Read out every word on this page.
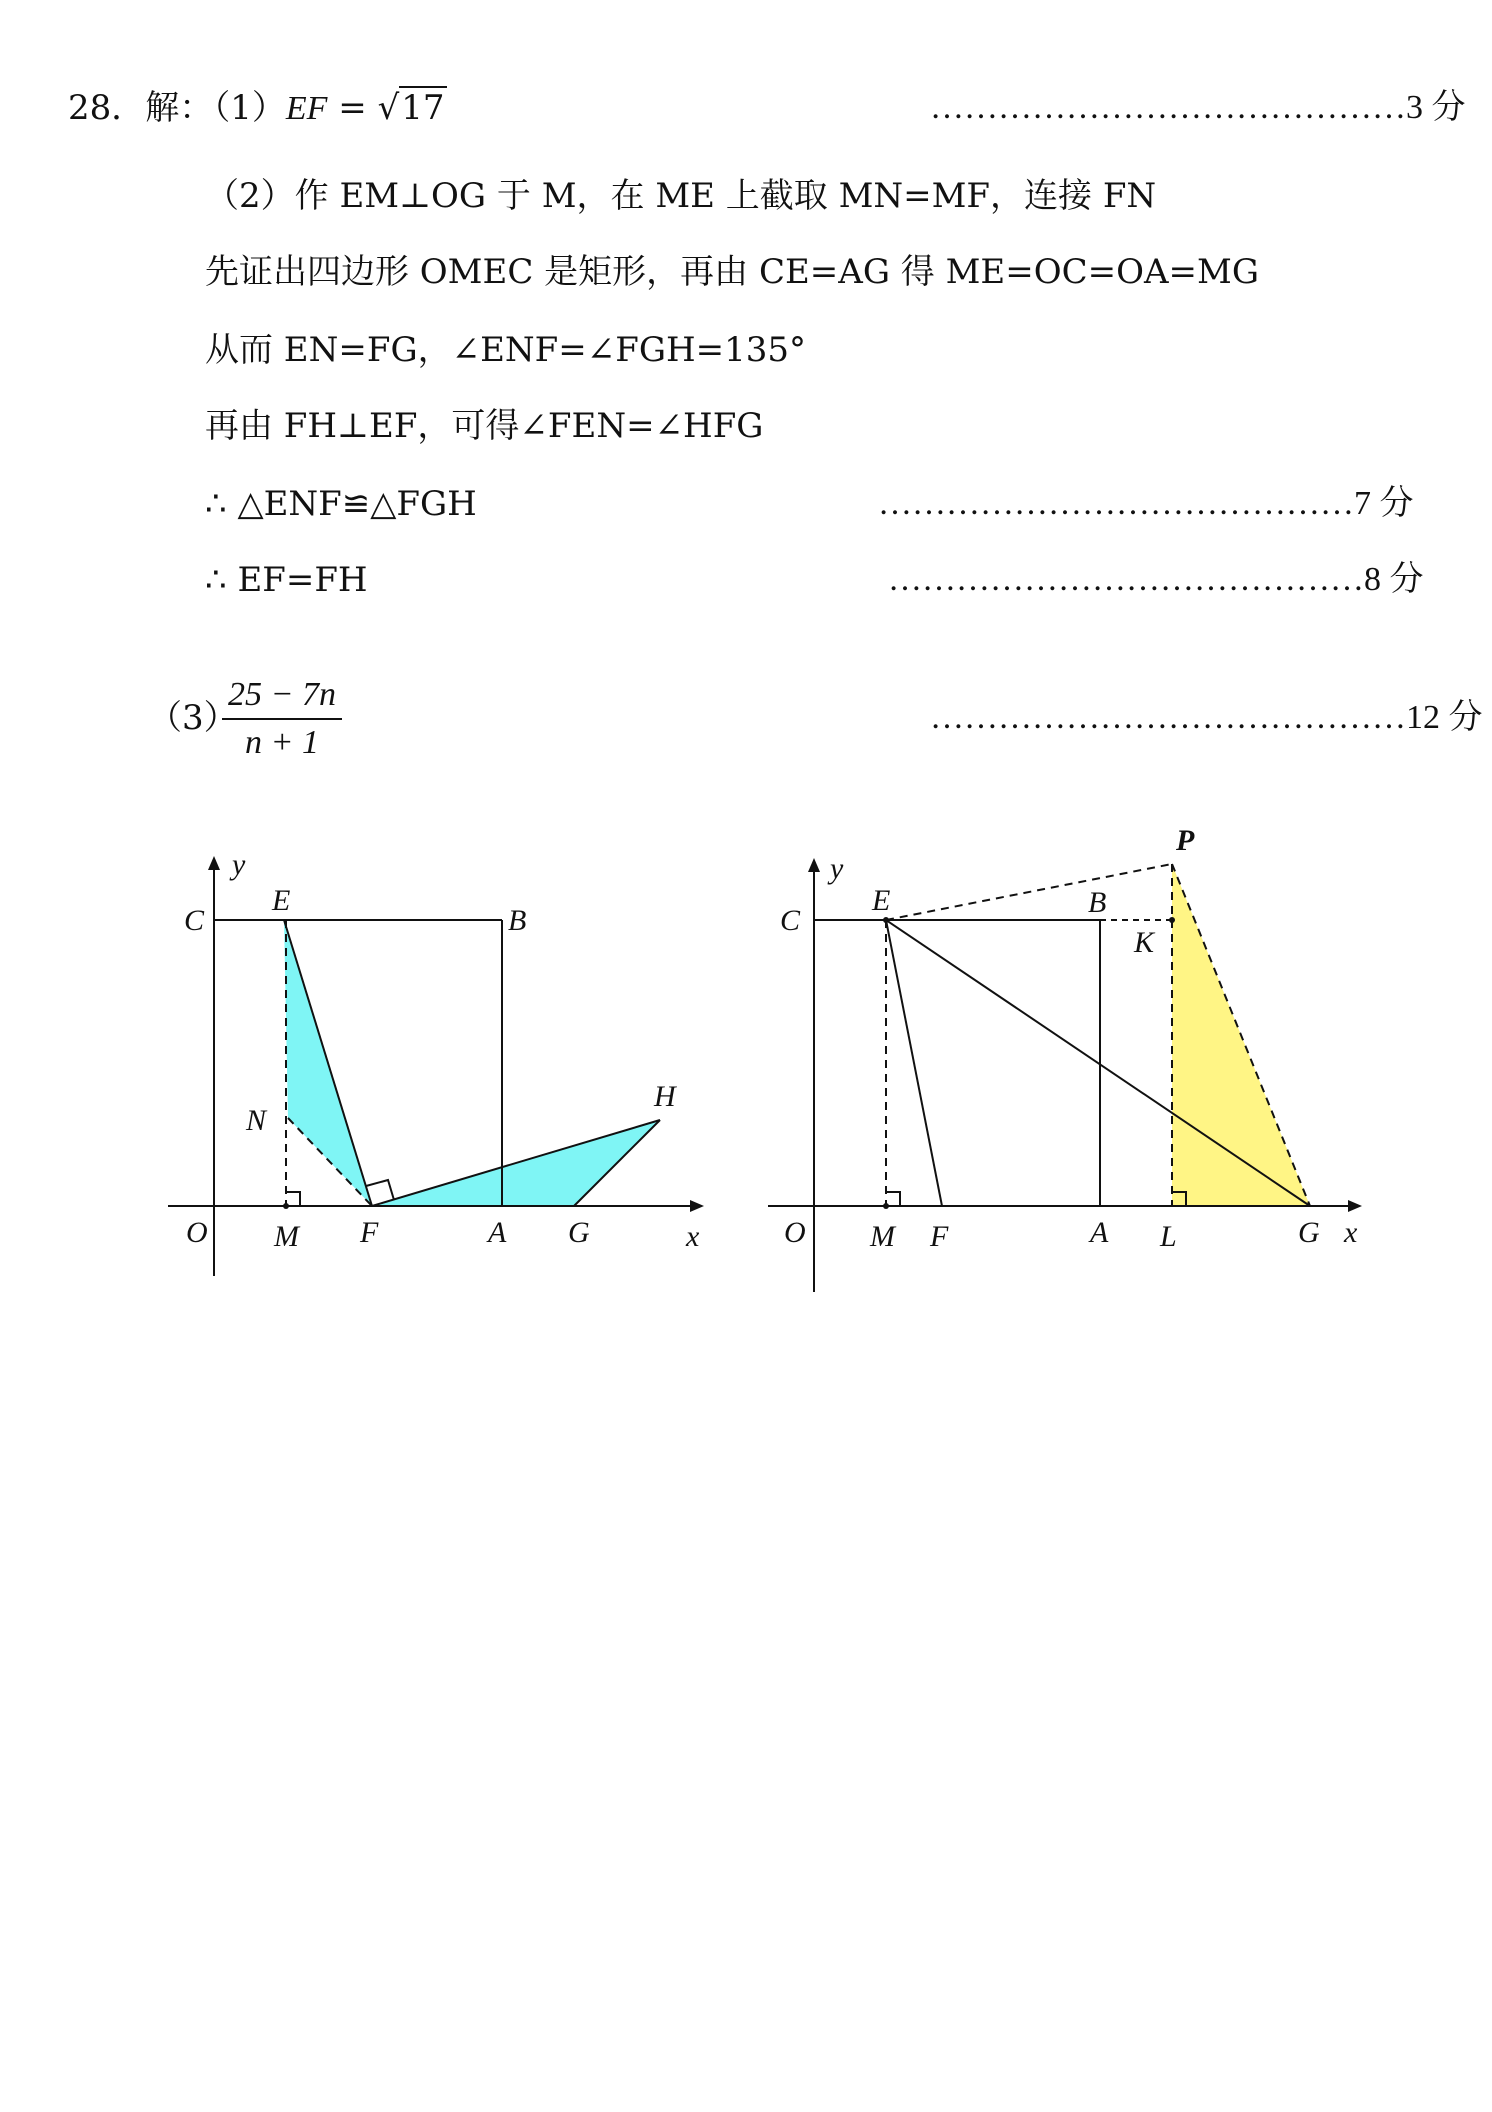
28．解：（1）EF = √17	……………………………………3 分
（2）作 EM⊥OG 于 M，在 ME 上截取 MN=MF，连接 FN
先证出四边形 OMEC 是矩形，再由 CE=AG 得 ME=OC=OA=MG
从而 EN=FG，∠ENF=∠FGH=135°
再由 FH⊥EF，可得∠FEN=∠HFG
∴ △ENF≌△FGH	……………………………………7 分
∴ EF=FH	……………………………………8 分
（3）
$\frac{25 - 7n}{n + 1}$	……………………………………12 分
y
C
E
B
N
H
O M F	A G	x
y
C
E	B
P
K
O M F	A L	G x
